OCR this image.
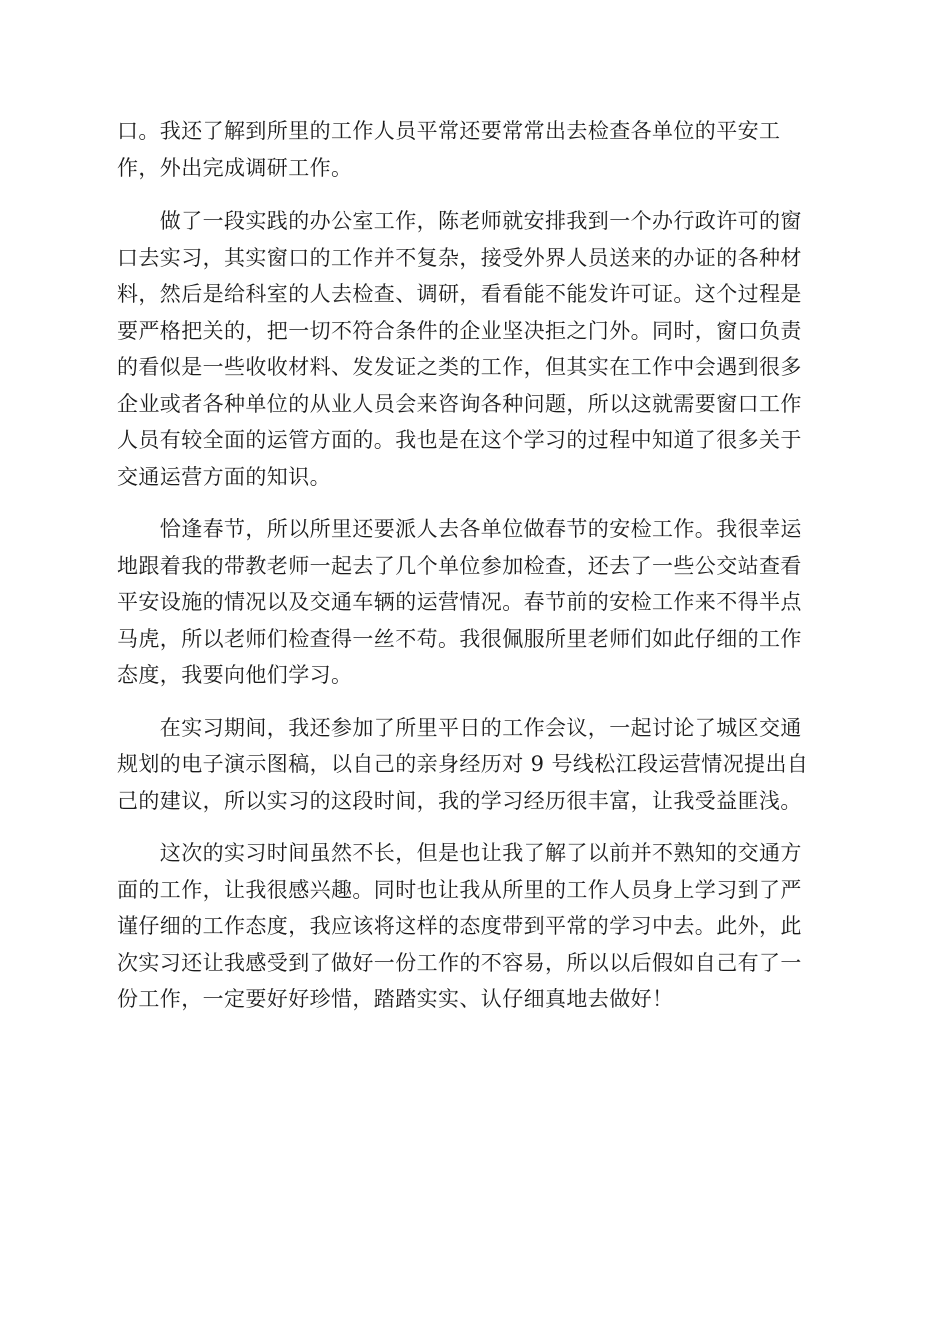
口。我还了解到所里的工作人员平常还要常常出去检查各单位的平安工
作，外出完成调研工作。
　　做了一段实践的办公室工作，陈老师就安排我到一个办行政许可的窗
口去实习，其实窗口的工作并不复杂，接受外界人员送来的办证的各种材
料，然后是给科室的人去检查、调研，看看能不能发许可证。这个过程是
要严格把关的，把一切不符合条件的企业坚决拒之门外。同时，窗口负责
的看似是一些收收材料、发发证之类的工作，但其实在工作中会遇到很多
企业或者各种单位的从业人员会来咨询各种问题，所以这就需要窗口工作
人员有较全面的运管方面的。我也是在这个学习的过程中知道了很多关于
交通运营方面的知识。
　　恰逢春节，所以所里还要派人去各单位做春节的安检工作。我很幸运
地跟着我的带教老师一起去了几个单位参加检查，还去了一些公交站查看
平安设施的情况以及交通车辆的运营情况。春节前的安检工作来不得半点
马虎，所以老师们检查得一丝不苟。我很佩服所里老师们如此仔细的工作
态度，我要向他们学习。
　　在实习期间，我还参加了所里平日的工作会议，一起讨论了城区交通
规划的电子演示图稿，以自己的亲身经历对 9 号线松江段运营情况提出自
己的建议，所以实习的这段时间，我的学习经历很丰富，让我受益匪浅。
　　这次的实习时间虽然不长，但是也让我了解了以前并不熟知的交通方
面的工作，让我很感兴趣。同时也让我从所里的工作人员身上学习到了严
谨仔细的工作态度，我应该将这样的态度带到平常的学习中去。此外，此
次实习还让我感受到了做好一份工作的不容易，所以以后假如自己有了一
份工作，一定要好好珍惜，踏踏实实、认仔细真地去做好！
